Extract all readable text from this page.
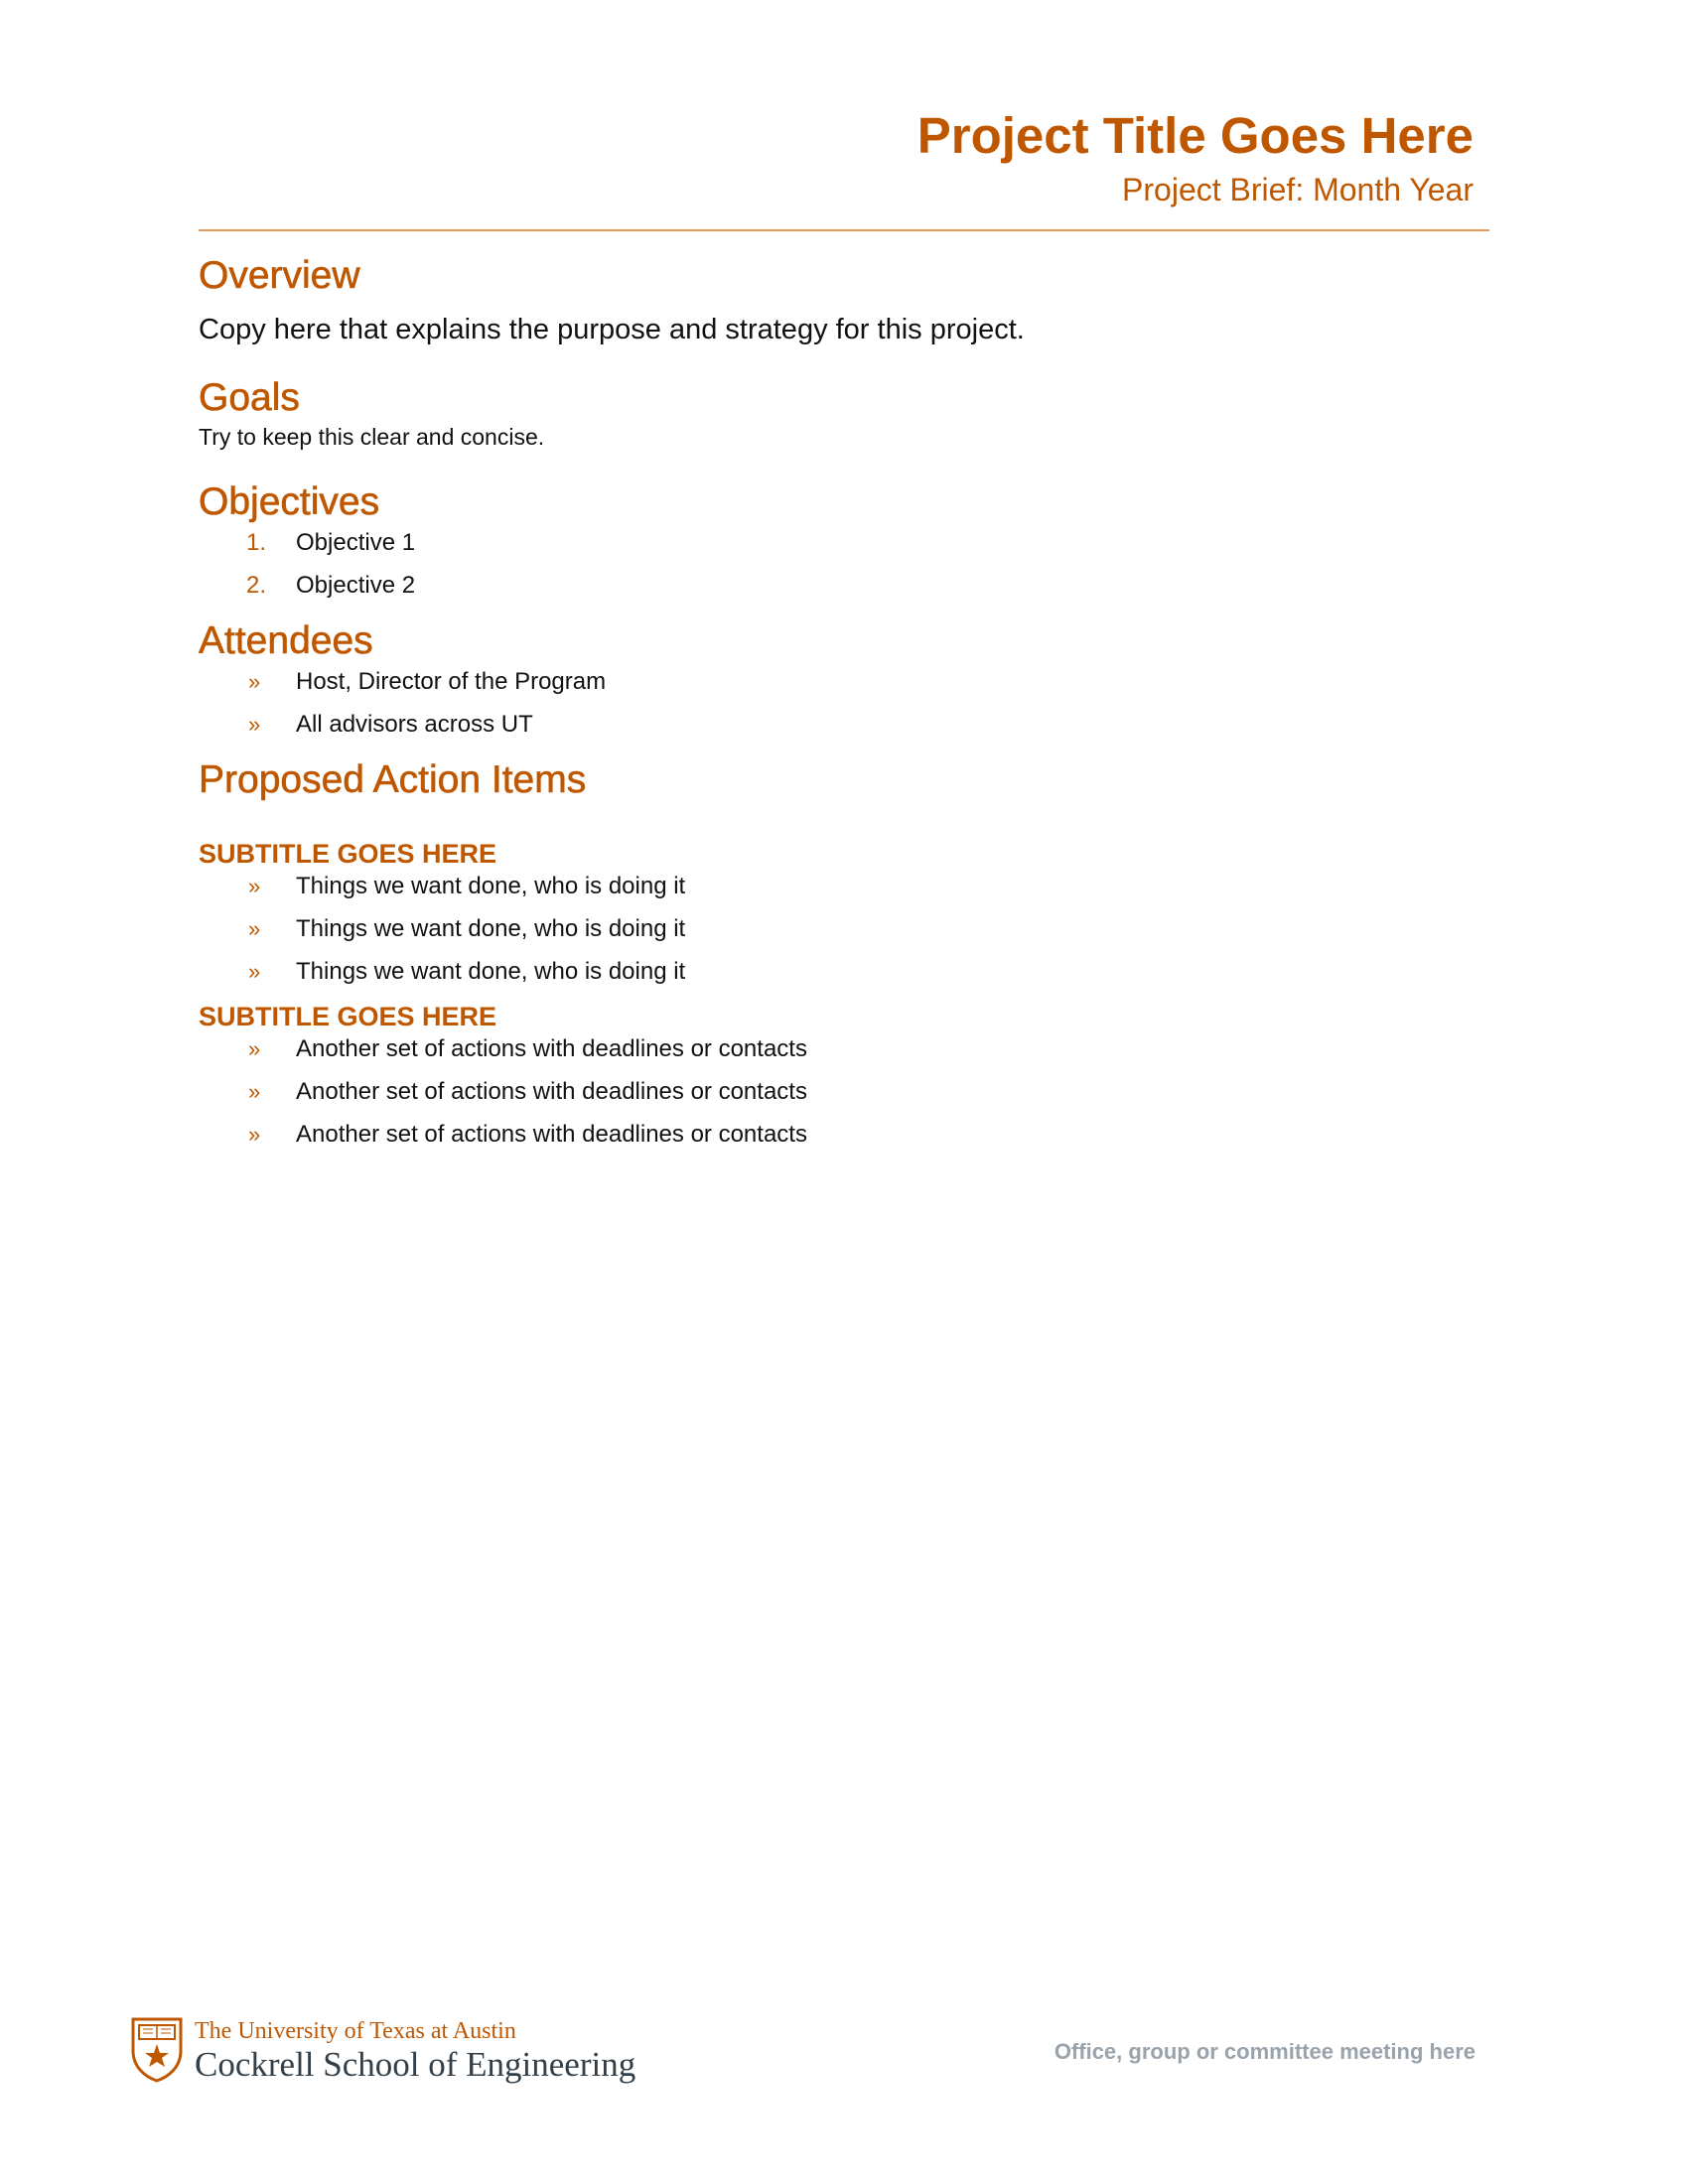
Project Title Goes Here
Project Brief: Month Year
Overview

Copy here that explains the purpose and strategy for this project.

Goals

Try to keep this clear and concise.

Objectives
1. Objective 1
2. Objective 2
Attendees
» Host, Director of the Program
» All advisors across UT
Proposed Action Items
SUBTITLE GOES HERE
» Things we want done, who is doing it
» Things we want done, who is doing it
» Things we want done, who is doing it
SUBTITLE GOES HERE
» Another set of actions with deadlines or contacts
» Another set of actions with deadlines or contacts
» Another set of actions with deadlines or contacts
The University of Texas at Austin
Cockrell School of Engineering	Office, group or committee meeting here
